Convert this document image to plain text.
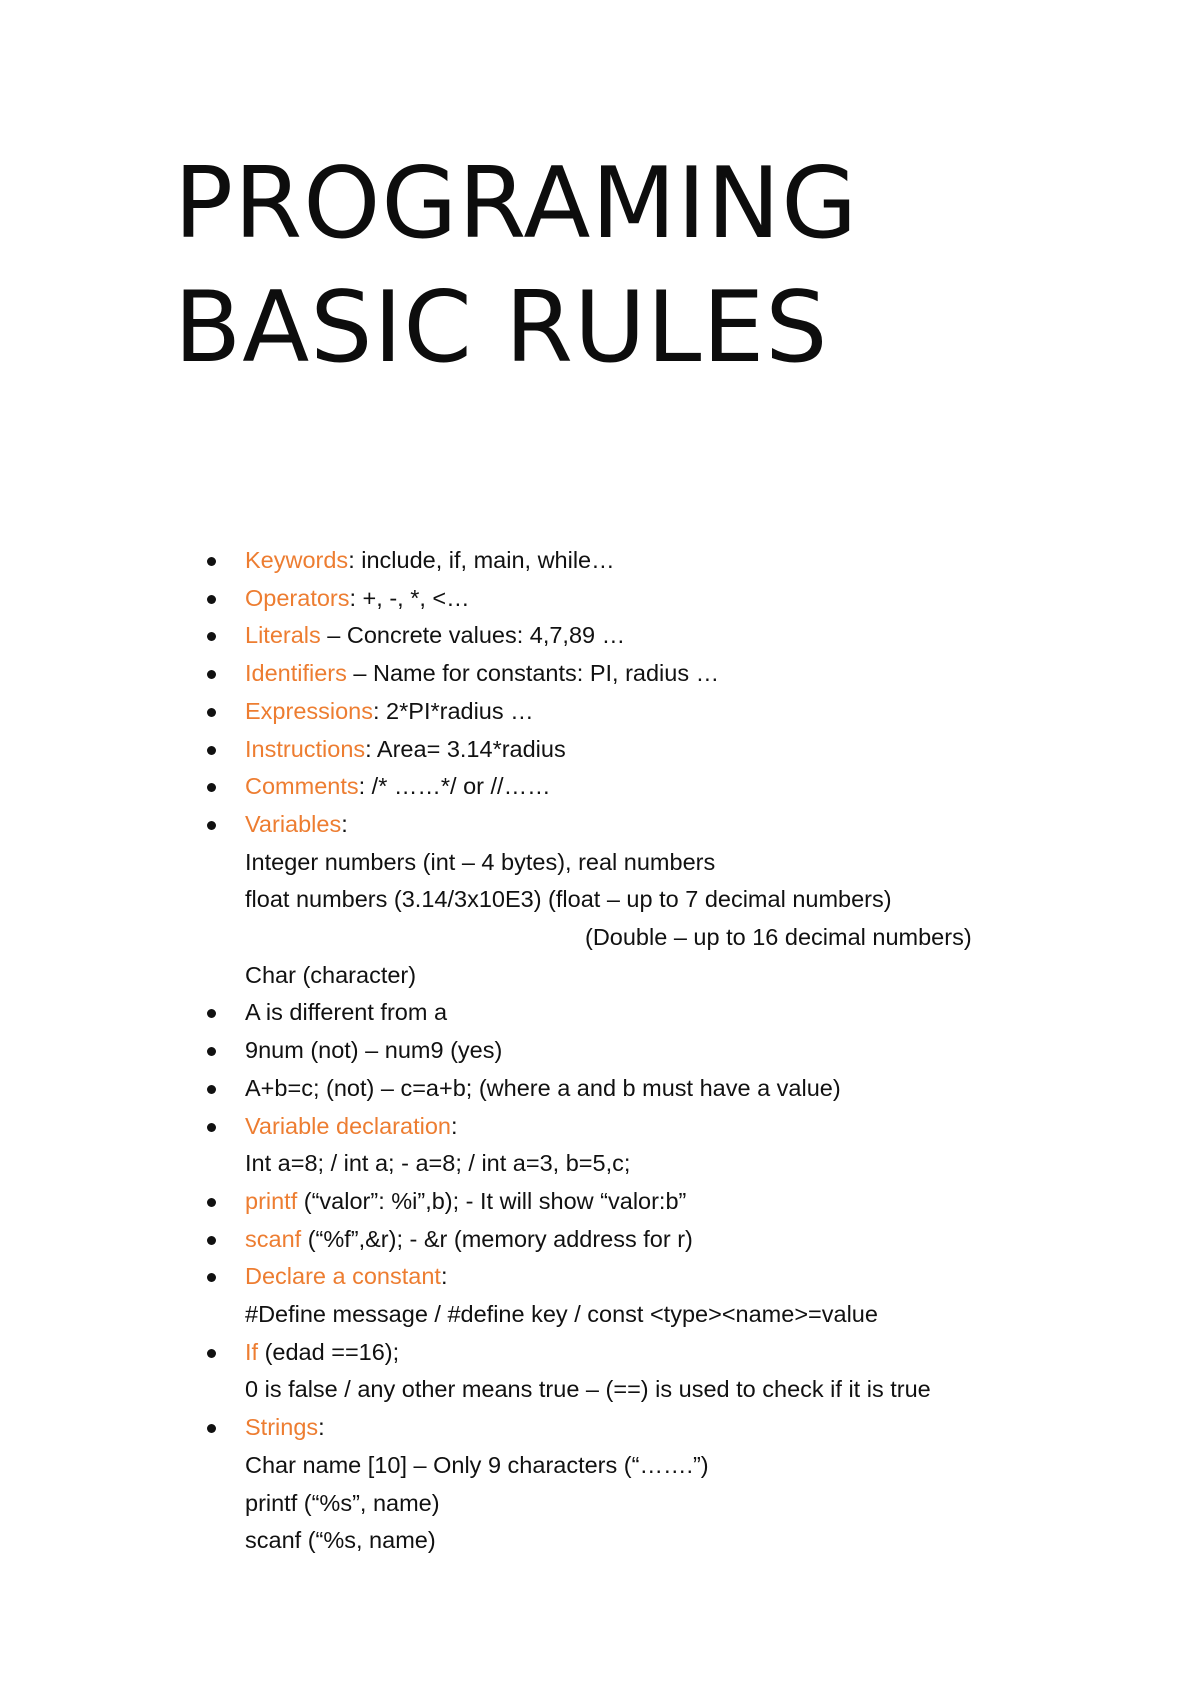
PROGRAMING
BASIC RULES
Keywords: include, if, main, while…
Operators: +, -, *, <…
Literals – Concrete values: 4,7,89 …
Identifiers – Name for constants: PI, radius …
Expressions: 2*PI*radius …
Instructions: Area= 3.14*radius
Comments: /* ……*/ or //……
Variables:
Integer numbers (int – 4 bytes), real numbers
float numbers (3.14/3x10E3) (float – up to 7 decimal numbers)
(Double – up to 16 decimal numbers)
Char (character)
A is different from a
9num (not) – num9 (yes)
A+b=c; (not) – c=a+b; (where a and b must have a value)
Variable declaration:
Int a=8; / int a; - a=8; / int a=3, b=5,c;
printf (“valor”: %i”,b); - It will show “valor:b”
scanf (“%f”,&r); - &r (memory address for r)
Declare a constant:
#Define message / #define key / const <type><name>=value
If (edad ==16);
0 is false / any other means true – (==) is used to check if it is true
Strings:
Char name [10] – Only 9 characters (“…….”)
printf (“%s”, name)
scanf (“%s, name)
